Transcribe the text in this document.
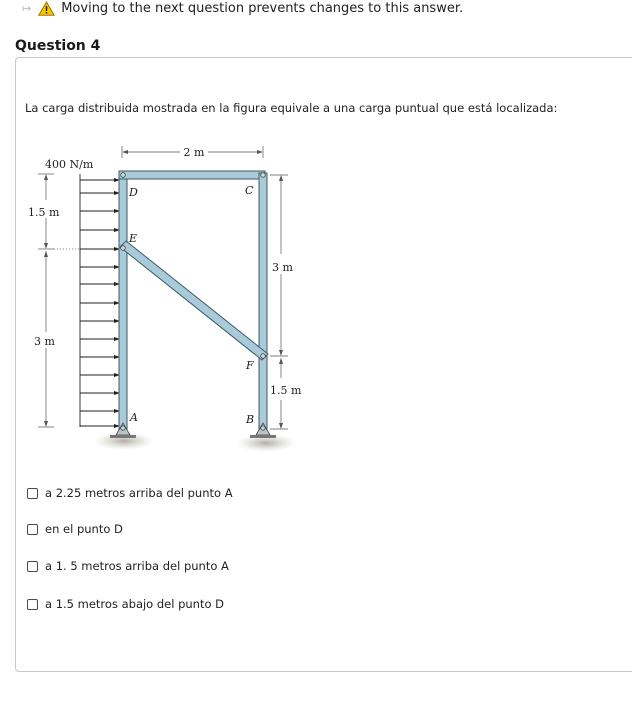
↦ Moving to the next question prevents changes to this answer.
Question 4
La carga distribuida mostrada en la figura equivale a una carga puntual que está localizada:
2 m
400 N/m
1.5 m
3 m
D	C
E
F
A	B
3 m
1.5 m
a 2.25 metros arriba del punto A
en el punto D
a 1. 5 metros arriba del punto A
a 1.5 metros abajo del punto D
